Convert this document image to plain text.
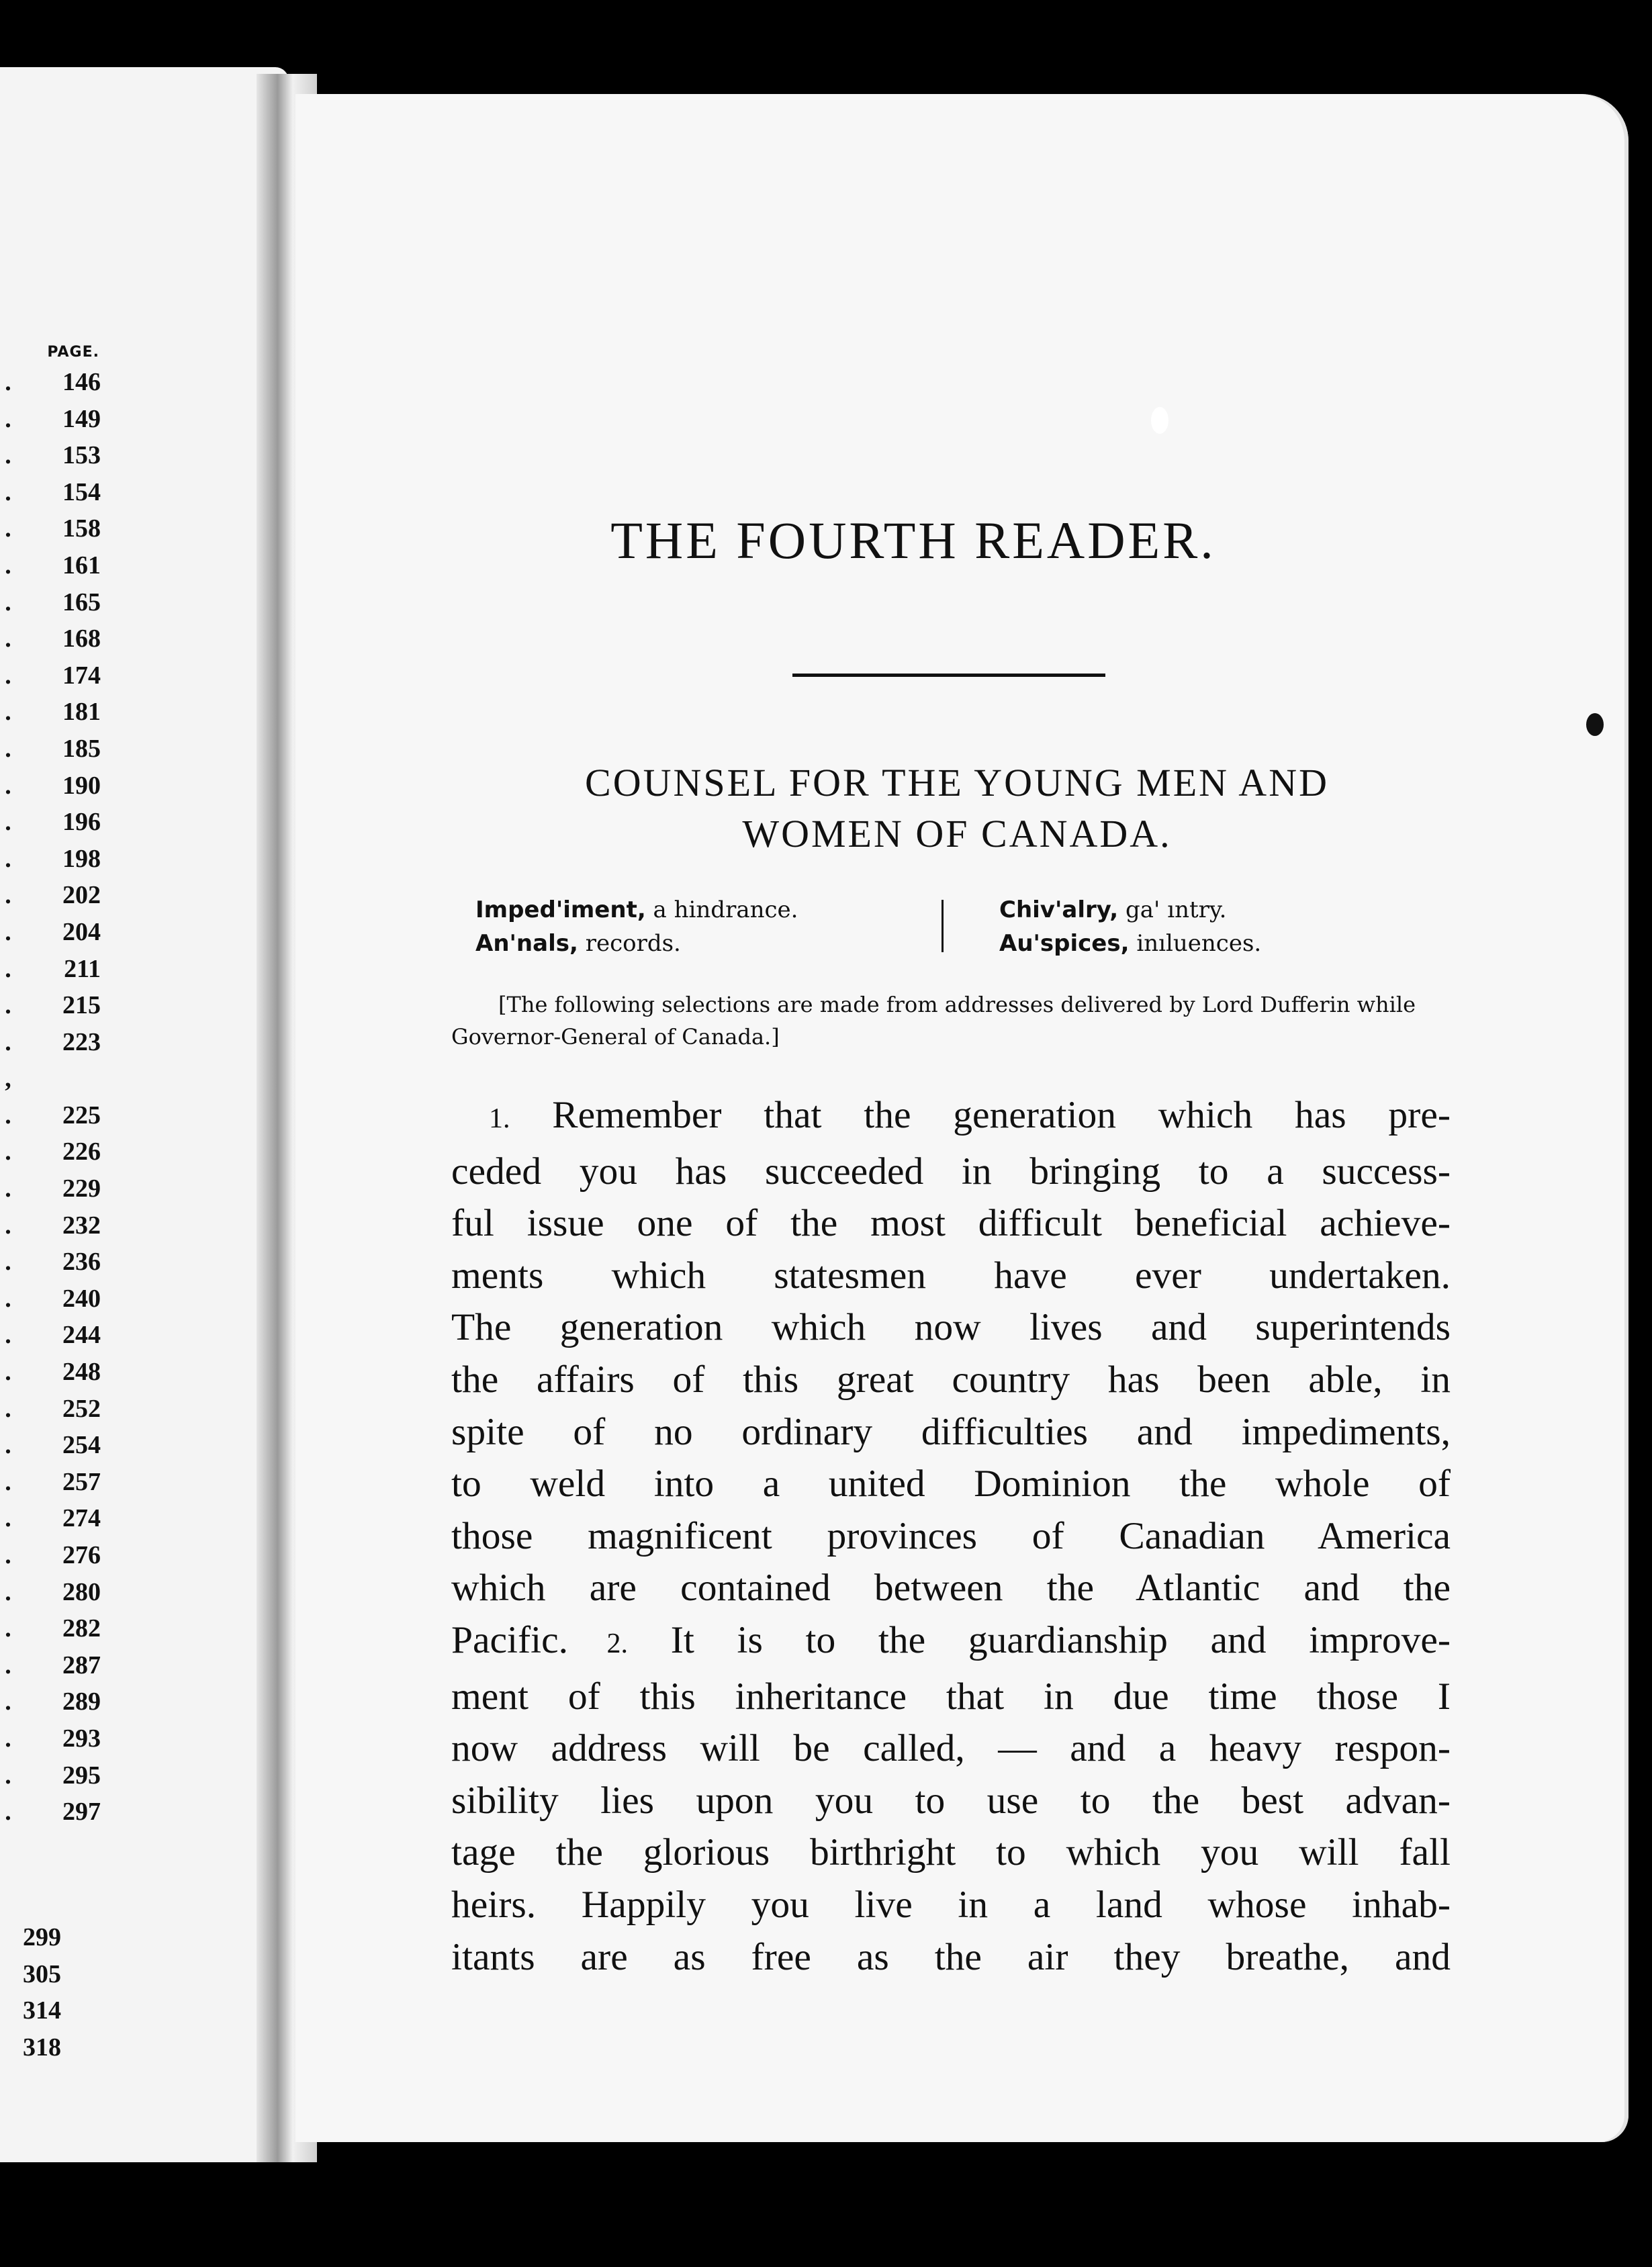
PAGE.
. 146
. 149
. 153
. 154
. 158
. 161
. 165
. 168
. 174
. 181
. 185
. 190
. 196
. 198
. 202
. 204
. 211
. 215
. 223
,
. 225
. 226
. 229
. 232
. 236
. 240
. 244
. 248
. 252
. 254
. 257
. 274
. 276
. 280
. 282
. 287
. 289
. 293
. 295
. 297
299
305
314
318
THE FOURTH READER.
COUNSEL FOR THE YOUNG MEN AND
WOMEN OF CANADA.
Imped'iment, a hindrance.
An'nals, records.
Chiv'alry, ga' ıntry.
Au'spices, inıluences.
[The following selections are made from addresses delivered by Lord Dufferin while Governor-General of Canada.]
1. Remember that the generation which has pre-
ceded you has succeeded in bringing to a success-
ful issue one of the most difficult beneficial achieve-
ments which statesmen have ever undertaken.
The generation which now lives and superintends
the affairs of this great country has been able, in
spite of no ordinary difficulties and impediments,
to weld into a united Dominion the whole of
those magnificent provinces of Canadian America
which are contained between the Atlantic and the
Pacific.  2. It is to the guardianship and improve-
ment of this inheritance that in due time those I
now address will be called, — and a heavy respon-
sibility lies upon you to use to the best advan-
tage the glorious birthright to which you will fall
heirs. Happily you live in a land whose inhab-
itants are as free as the air they breathe, and
